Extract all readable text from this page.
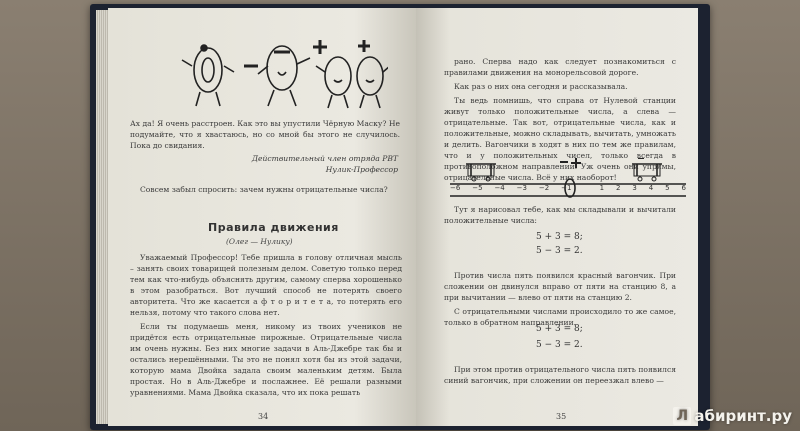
Ах да! Я очень расстроен. Как это вы упустили Чёрную Маску? Не подумайте, что я хвастаюсь, но со мной бы этого не случилось. Пока до свидания.
Действительный член отряда РВТ
Нулик-Профессор

Совсем забыл спросить: зачем нужны отрицательные числа?

Правила движения
(Олег — Нулику)

Уважаемый Профессор! Тебе пришла в голову отличная мысль – занять своих товарищей полезным делом. Советую только перед тем как что-нибудь объяснять другим, самому сперва хорошенько в этом разобраться. Вот лучший способ не потерять своего авторитета. Что же касается а ф т о р и т е т а, то потерять его нельзя, потому что такого слова нет.

Если ты подумаешь меня, никому из твоих учеников не придётся есть отрицательные пирожные. Отрицательные числа им очень нужны. Без них многие задачи в Аль-Джебре так бы и остались нерешёнными. Ты это не понял хотя бы из этой задачи, которую мама Двойка задала своим маленьким детям. Была простая. Но в Аль-Джебре и послажнее. Её решали разными уравнениями. Мама Двойка сказала, что их пока решать

34

рано. Сперва надо как следует познакомиться с правилами движения на монорельсовой дороге.

Как раз о них она сегодня и рассказывала.

Ты ведь помнишь, что справа от Нулевой станции живут только положительные числа, а слева — отрицательные. Так вот, отрицательные числа, как и положительные, можно складывать, вычитать, умножать и делить. Вагончики в ходят в них по тем же правилам, что и у положительных чисел, только всегда в противоположном направлении. Уж очень они упрямы, отрицательные числа. Всё у них наоборот!

−6 −5 −4 −3 −2 −1	1 2 3 4 5 6

Тут я нарисовал тебе, как мы складывали и вычитали положительные числа:

5 + 3 = 8;
5 − 3 = 2.

Против числа пять появился красный вагончик. При сложении он двинулся вправо от пяти на станцию 8, а при вычитании — влево от пяти на станцию 2.

С отрицательными числами происходило то же самое, только в обратном направлении.

5 + 3 = 8;
5 − 3 = 2.

При этом против отрицательного числа пять появился синий вагончик, при сложении он переезжал влево —

35	Л абиринт.ру
